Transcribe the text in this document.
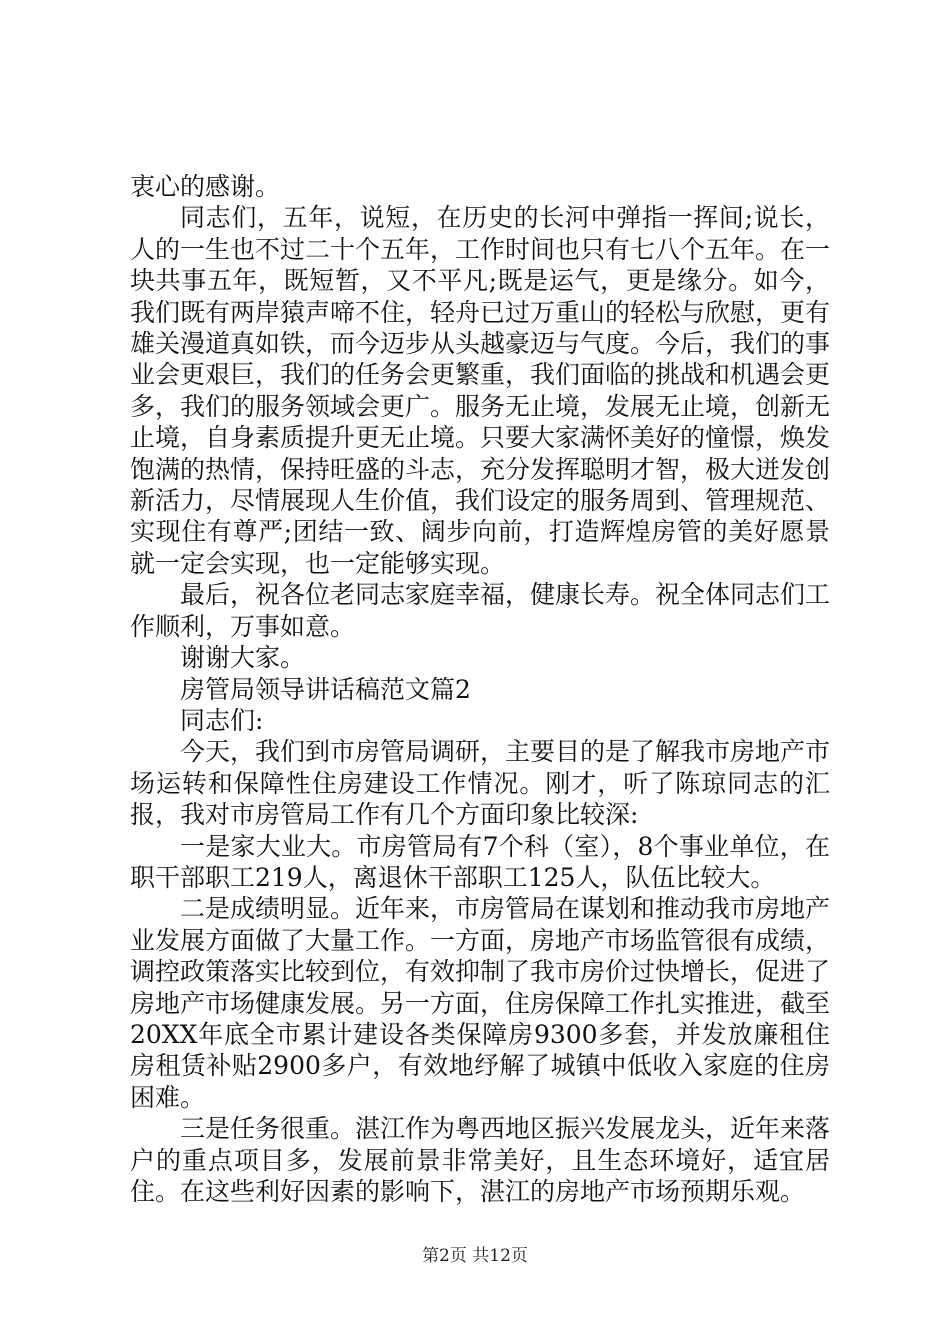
衷心的感谢。

同志们，五年，说短，在历史的长河中弹指一挥间;说长，人的一生也不过二十个五年，工作时间也只有七八个五年。在一块共事五年，既短暂，又不平凡;既是运气，更是缘分。如今，我们既有两岸猿声啼不住，轻舟已过万重山的轻松与欣慰，更有雄关漫道真如铁，而今迈步从头越豪迈与气度。今后，我们的事业会更艰巨，我们的任务会更繁重，我们面临的挑战和机遇会更多，我们的服务领域会更广。服务无止境，发展无止境，创新无止境，自身素质提升更无止境。只要大家满怀美好的憧憬，焕发饱满的热情，保持旺盛的斗志，充分发挥聪明才智，极大迸发创新活力，尽情展现人生价值，我们设定的服务周到、管理规范、实现住有尊严;团结一致、阔步向前，打造辉煌房管的美好愿景就一定会实现，也一定能够实现。

最后，祝各位老同志家庭幸福，健康长寿。祝全体同志们工作顺利，万事如意。

谢谢大家。

房管局领导讲话稿范文篇2

同志们:

今天，我们到市房管局调研，主要目的是了解我市房地产市场运转和保障性住房建设工作情况。刚才，听了陈琼同志的汇报，我对市房管局工作有几个方面印象比较深:

一是家大业大。市房管局有7个科（室），8个事业单位，在职干部职工219人，离退休干部职工125人，队伍比较大。

二是成绩明显。近年来，市房管局在谋划和推动我市房地产业发展方面做了大量工作。一方面，房地产市场监管很有成绩，调控政策落实比较到位，有效抑制了我市房价过快增长，促进了房地产市场健康发展。另一方面，住房保障工作扎实推进，截至20XX年底全市累计建设各类保障房9300多套，并发放廉租住房租赁补贴2900多户，有效地纾解了城镇中低收入家庭的住房困难。

三是任务很重。湛江作为粤西地区振兴发展龙头，近年来落户的重点项目多，发展前景非常美好，且生态环境好，适宜居住。在这些利好因素的影响下，湛江的房地产市场预期乐观。

第2页 共12页
